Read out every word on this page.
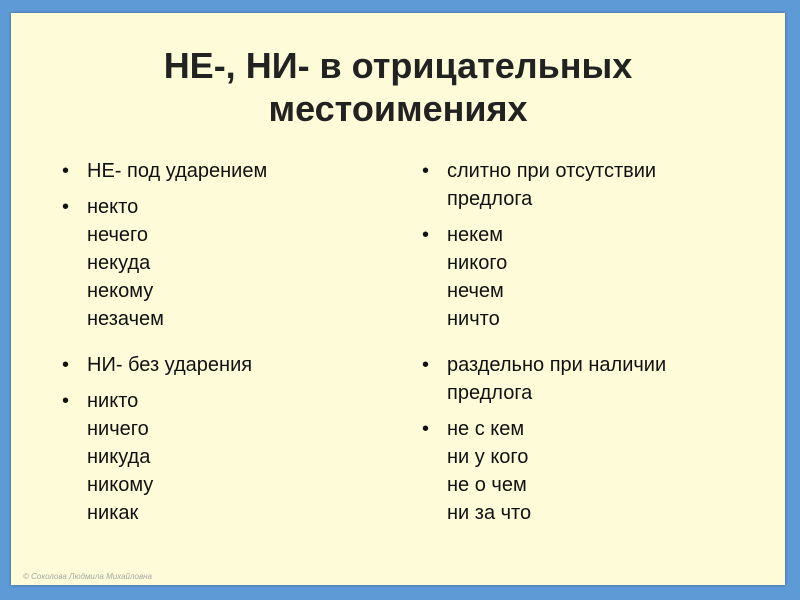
НЕ-, НИ- в отрицательных
местоимениях
• НЕ- под ударением
• некто
нечего
некуда
некому
незачем
• слитно при отсутствии
предлога
• некем
никого
нечем
ничто
• НИ- без ударения
• никто
ничего
никуда
никому
никак
• раздельно при наличии
предлога
• не с кем
ни у кого
не о чем
ни за что
© Соколова Людмила Михайловна
